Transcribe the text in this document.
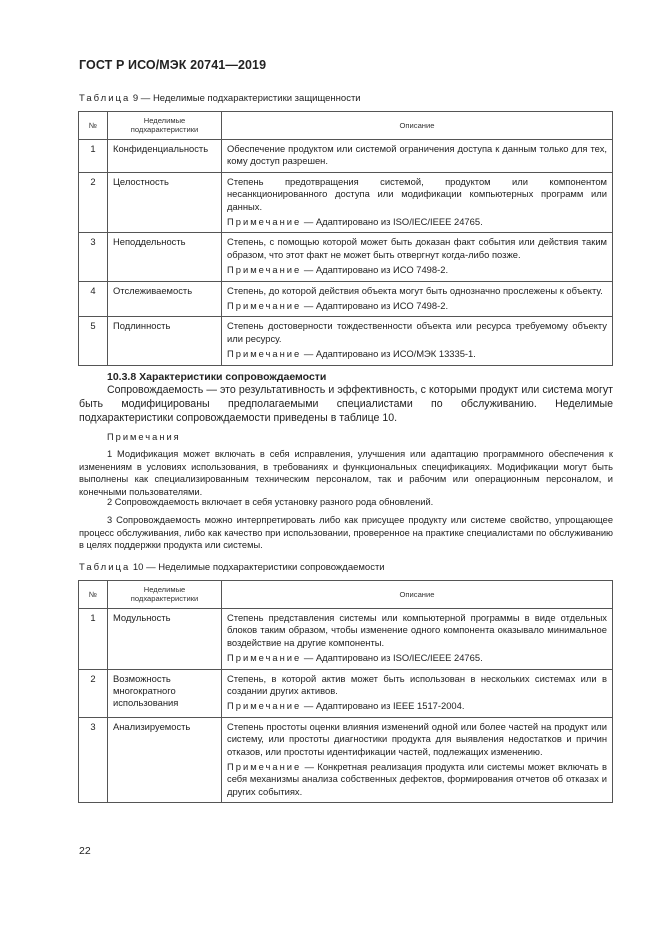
ГОСТ Р ИСО/МЭК 20741—2019
Таблица 9 — Неделимые подхарактеристики защищенности
№	Неделимые подхарактеристики	Описание
1	Конфиденциальность	Обеспечение продуктом или системой ограничения доступа к данным только для тех, кому доступ разрешен.

2	Целостность	Степень предотвращения системой, продуктом или компонентом несанкционированного доступа или модификации компьютерных программ или данных.
Примечание — Адаптировано из ISO/IEC/IEEE 24765.

3	Неподдельность	Степень, с помощью которой может быть доказан факт события или действия таким образом, что этот факт не может быть отвергнут когда-либо позже.
Примечание — Адаптировано из ИСО 7498-2.

4	Отслеживаемость	Степень, до которой действия объекта могут быть однозначно прослежены к объекту.
Примечание — Адаптировано из ИСО 7498-2.

5	Подлинность	Степень достоверности тождественности объекта или ресурса требуемому объекту или ресурсу.
Примечание — Адаптировано из ИСО/МЭК 13335-1.
10.3.8 Характеристики сопровождаемости
Сопровождаемость — это результативность и эффективность, с которыми продукт или система могут быть модифицированы предполагаемыми специалистами по обслуживанию. Неделимые подхарактеристики сопровождаемости приведены в таблице 10.
Примечания
1 Модификация может включать в себя исправления, улучшения или адаптацию программного обеспечения к изменениям в условиях использования, в требованиях и функциональных спецификациях. Модификации могут быть выполнены как специализированным техническим персоналом, так и рабочим или операционным персоналом, и конечными пользователями.
2 Сопровождаемость включает в себя установку разного рода обновлений.
3 Сопровождаемость можно интерпретировать либо как присущее продукту или системе свойство, упрощающее процесс обслуживания, либо как качество при использовании, проверенное на практике специалистами по обслуживанию в целях поддержки продукта или системы.
Таблица 10 — Неделимые подхарактеристики сопровождаемости
№	Неделимые подхарактеристики	Описание
1	Модульность	Степень представления системы или компьютерной программы в виде отдельных блоков таким образом, чтобы изменение одного компонента оказывало минимальное воздействие на другие компоненты.
Примечание — Адаптировано из ISO/IEC/IEEE 24765.

2	Возможность многократного использования	Степень, в которой актив может быть использован в нескольких системах или в создании других активов.
Примечание — Адаптировано из IEEE 1517-2004.

3	Анализируемость	Степень простоты оценки влияния изменений одной или более частей на продукт или систему, или простоты диагностики продукта для выявления недостатков и причин отказов, или простоты идентификации частей, подлежащих изменению.
Примечание — Конкретная реализация продукта или системы может включать в себя механизмы анализа собственных дефектов, формирования отчетов об отказах и других событиях.
22
